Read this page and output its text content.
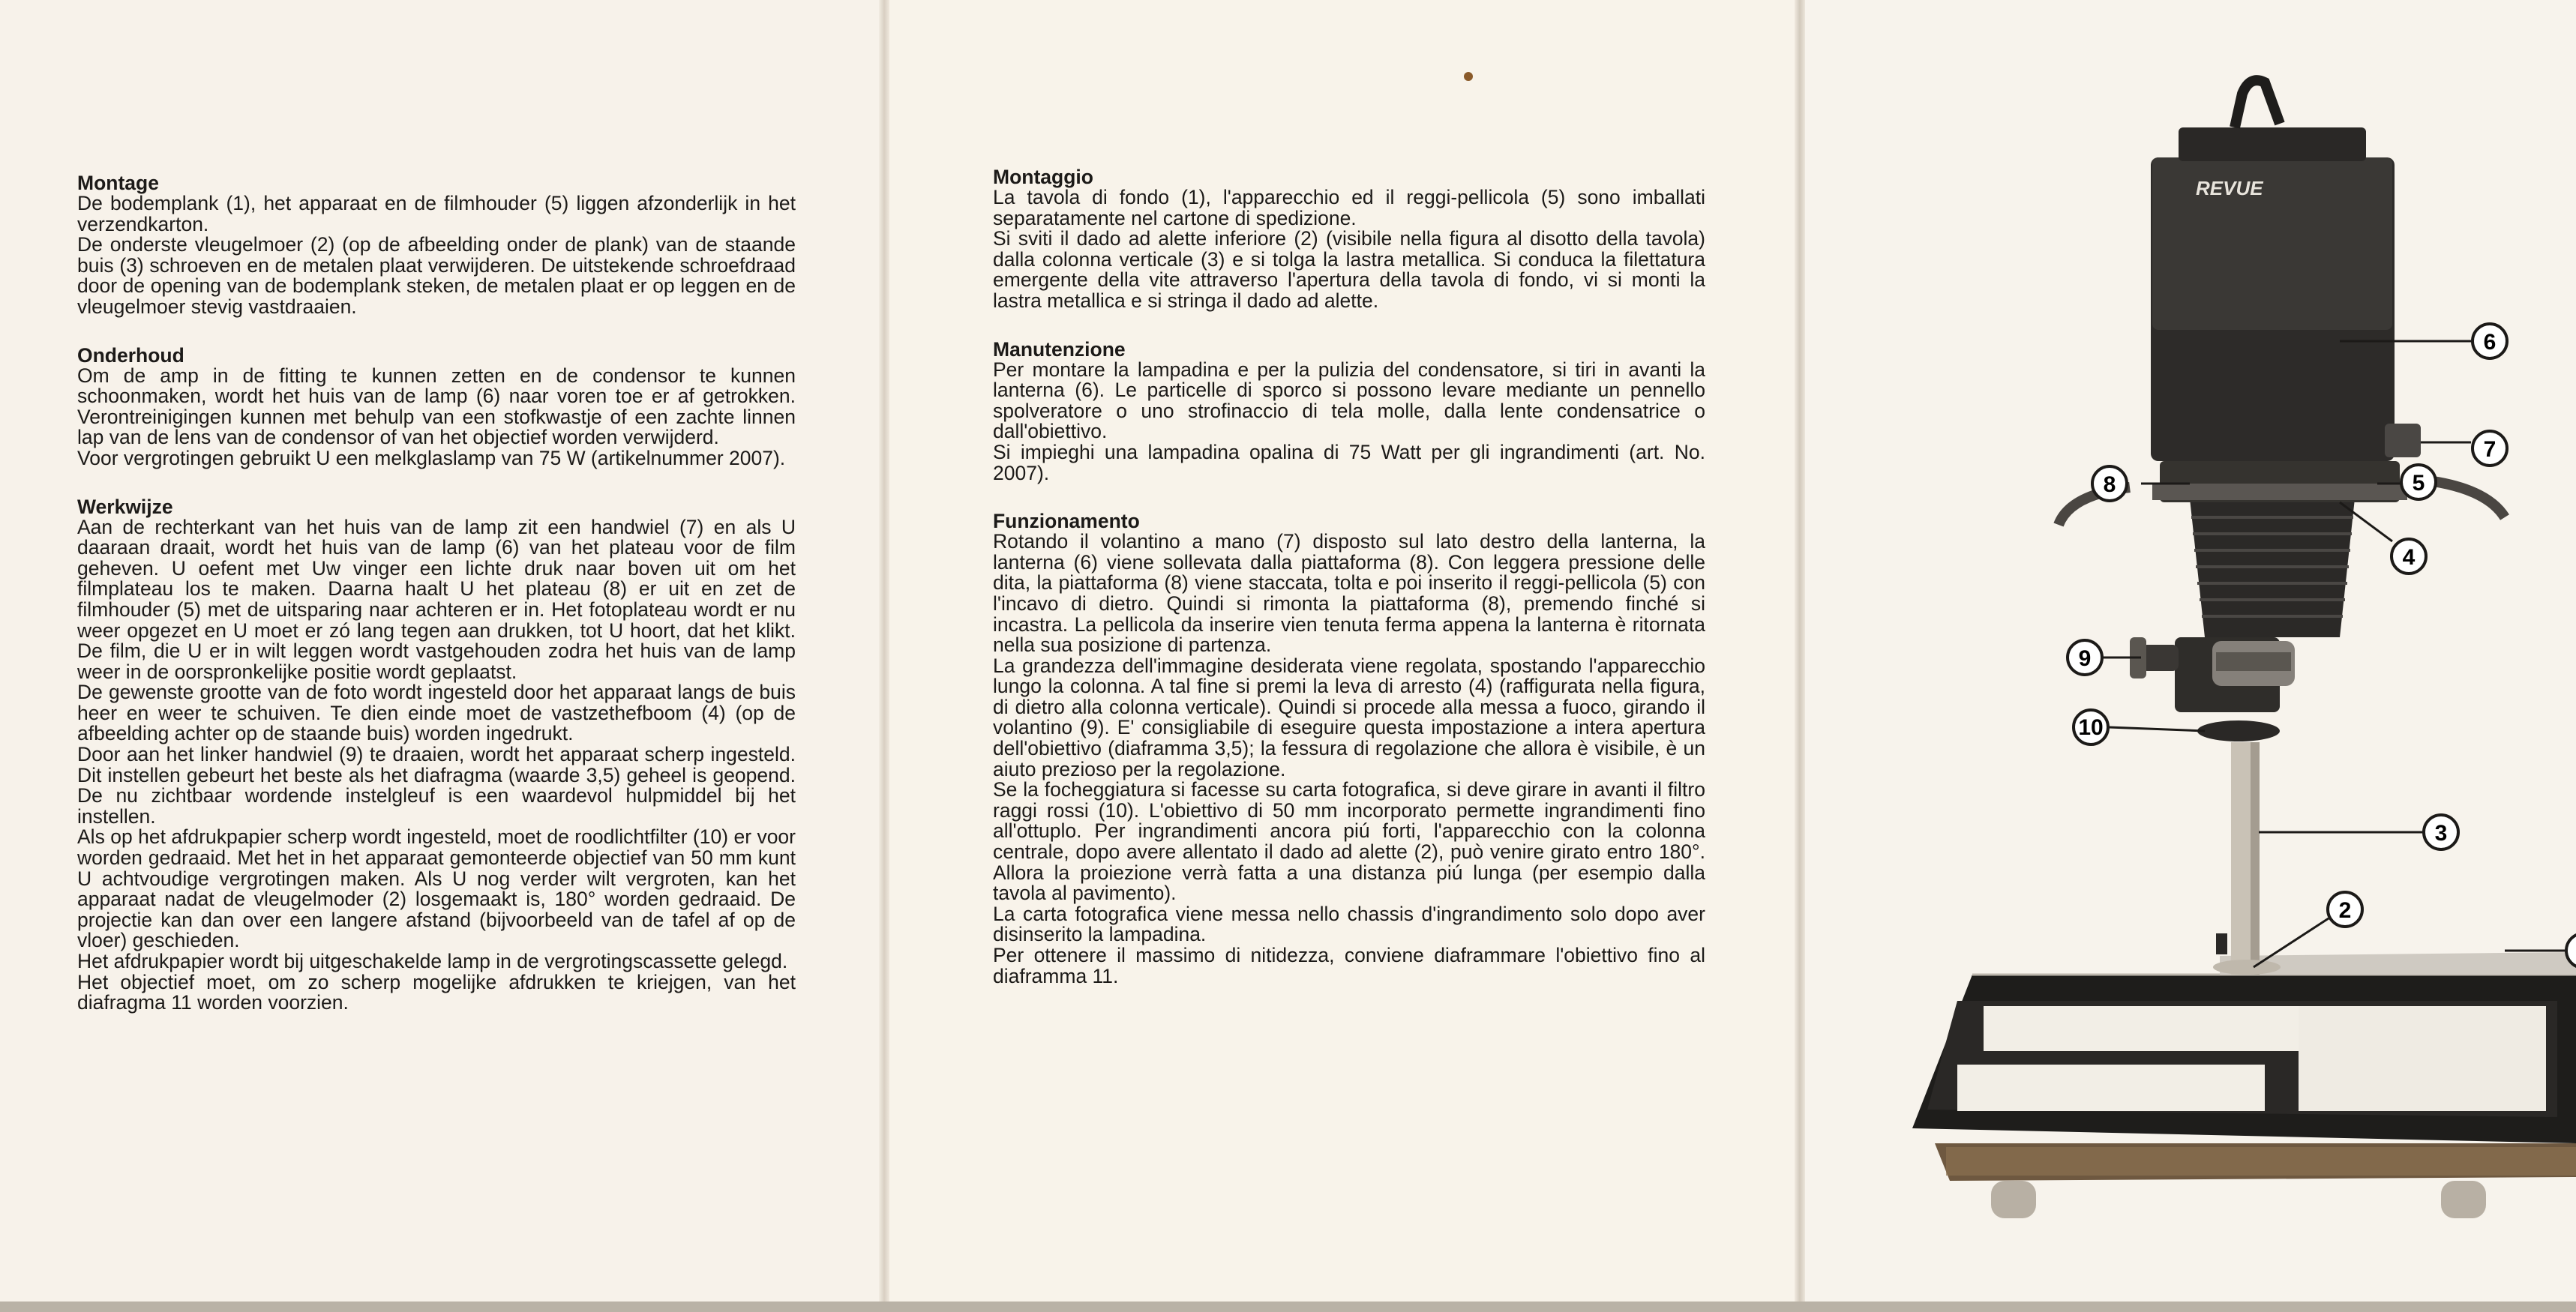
Montage

De bodemplank (1), het apparaat en de filmhouder (5) liggen afzonderlijk in het verzendkarton.

De onderste vleugelmoer (2) (op de afbeelding onder de plank) van de staande buis (3) schroeven en de metalen plaat verwijderen. De uitstekende schroefdraad door de opening van de bodemplank steken, de metalen plaat er op leggen en de vleugelmoer stevig vastdraaien.

Onderhoud

Om de amp in de fitting te kunnen zetten en de condensor te kunnen schoonmaken, wordt het huis van de lamp (6) naar voren toe er af getrokken. Verontreinigingen kunnen met behulp van een stofkwastje of een zachte linnen lap van de lens van de condensor of van het objectief worden verwijderd.

Voor vergrotingen gebruikt U een melkglaslamp van 75 W (artikelnummer 2007).

Werkwijze

Aan de rechterkant van het huis van de lamp zit een handwiel (7) en als U daaraan draait, wordt het huis van de lamp (6) van het plateau voor de film geheven. U oefent met Uw vinger een lichte druk naar boven uit om het filmplateau los te maken. Daarna haalt U het plateau (8) er uit en zet de filmhouder (5) met de uitsparing naar achteren er in. Het fotoplateau wordt er nu weer opgezet en U moet er zó lang tegen aan drukken, tot U hoort, dat het klikt. De film, die U er in wilt leggen wordt vastgehouden zodra het huis van de lamp weer in de oorspronkelijke positie wordt geplaatst.

De gewenste grootte van de foto wordt ingesteld door het apparaat langs de buis heer en weer te schuiven. Te dien einde moet de vastzethefboom (4) (op de afbeelding achter op de staande buis) worden ingedrukt.

Door aan het linker handwiel (9) te draaien, wordt het apparaat scherp ingesteld. Dit instellen gebeurt het beste als het diafragma (waarde 3,5) geheel is geopend. De nu zichtbaar wordende instelgleuf is een waardevol hulpmiddel bij het instellen.

Als op het afdrukpapier scherp wordt ingesteld, moet de roodlichtfilter (10) er voor worden gedraaid. Met het in het apparaat gemonteerde objectief van 50 mm kunt U achtvoudige vergrotingen maken. Als U nog verder wilt vergroten, kan het apparaat nadat de vleugelmoder (2) losgemaakt is, 180° worden gedraaid. De projectie kan dan over een langere afstand (bijvoorbeeld van de tafel af op de vloer) geschieden.

Het afdrukpapier wordt bij uitgeschakelde lamp in de vergrotingscassette gelegd.

Het objectief moet, om zo scherp mogelijke afdrukken te kriejgen, van het diafragma 11 worden voorzien.

Montaggio

La tavola di fondo (1), l'apparecchio ed il reggi-pellicola (5) sono imballati separatamente nel cartone di spedizione.

Si sviti il dado ad alette inferiore (2) (visibile nella figura al disotto della tavola) dalla colonna verticale (3) e si tolga la lastra metallica. Si conduca la filettatura emergente della vite attraverso l'apertura della tavola di fondo, vi si monti la lastra metallica e si stringa il dado ad alette.

Manutenzione

Per montare la lampadina e per la pulizia del condensatore, si tiri in avanti la lanterna (6). Le particelle di sporco si possono levare mediante un pennello spolveratore o uno strofinaccio di tela molle, dalla lente condensatrice o dall'obiettivo.

Si impieghi una lampadina opalina di 75 Watt per gli ingrandimenti (art. No. 2007).

Funzionamento

Rotando il volantino a mano (7) disposto sul lato destro della lanterna, la lanterna (6) viene sollevata dalla piattaforma (8). Con leggera pressione delle dita, la piattaforma (8) viene staccata, tolta e poi inserito il reggi-pellicola (5) con l'incavo di dietro. Quindi si rimonta la piattaforma (8), premendo finché si incastra. La pellicola da inserire vien tenuta ferma appena la lanterna è ritornata nella sua posizione di partenza.

La grandezza dell'immagine desiderata viene regolata, spostando l'apparecchio lungo la colonna. A tal fine si premi la leva di arresto (4) (raffigurata nella figura, di dietro alla colonna verticale). Quindi si procede alla messa a fuoco, girando il volantino (9). E' consigliabile di eseguire questa impostazione a intera apertura dell'obiettivo (diaframma 3,5); la fessura di regolazione che allora è visibile, è un aiuto prezioso per la regolazione.

Se la focheggiatura si facesse su carta fotografica, si deve girare in avanti il filtro raggi rossi (10). L'obiettivo di 50 mm incorporato permette ingrandimenti fino all'ottuplo. Per ingrandimenti ancora piú forti, l'apparecchio con la colonna centrale, dopo avere allentato il dado ad alette (2), può venire girato entro 180°. Allora la proiezione verrà fatta a una distanza piú lunga (per esempio dalla tavola al pavimento).

La carta fotografica viene messa nello chassis d'ingrandimento solo dopo aver disinserito la lampadina.

Per ottenere il massimo di nitidezza, conviene diaframmare l'obiettivo fino al diaframma 11.

REVUE
6
7
8	5
4
9
10
3
2
